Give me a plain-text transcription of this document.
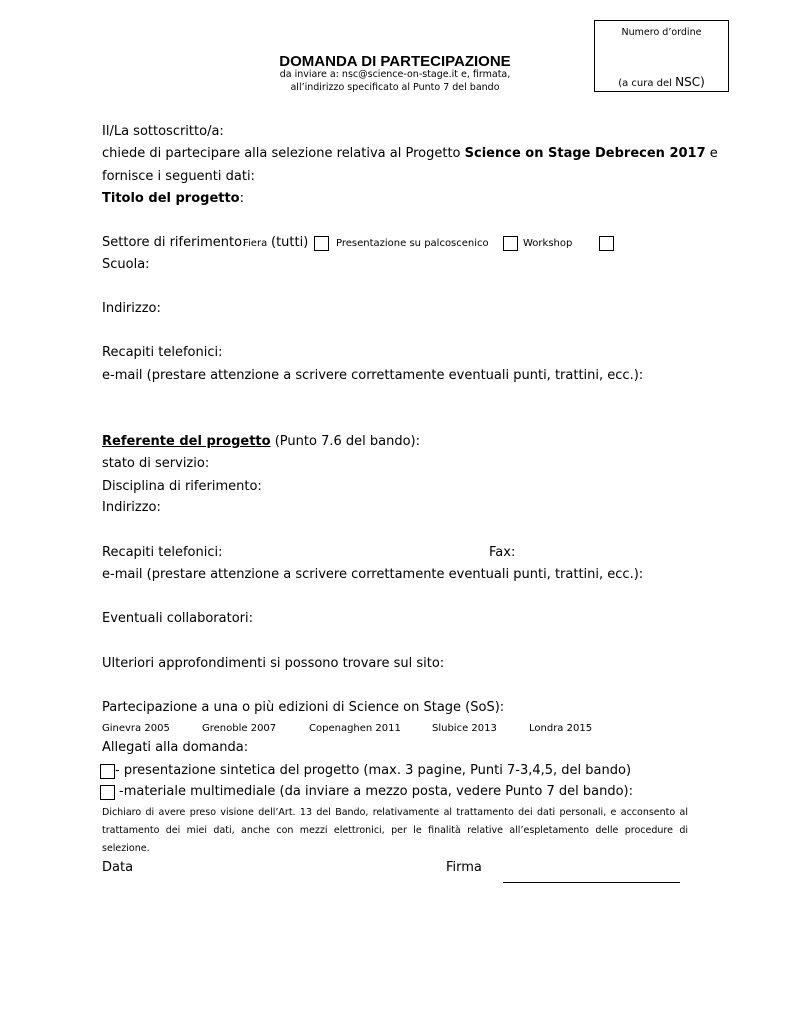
Numero d’ordine
(a cura del NSC)
DOMANDA DI PARTECIPAZIONE
da inviare a: nsc@science-on-stage.it e, firmata,
all’indirizzo specificato al Punto 7 del bando
Il/La sottoscritto/a:
chiede di partecipare alla selezione relativa al Progetto Science on Stage Debrecen 2017 e
fornisce i seguenti dati:
Titolo del progetto:
Settore di riferimento:
Fiera (tutti)	Presentazione su palcoscenico	Workshop
Scuola:
Indirizzo:
Recapiti telefonici:
e-mail (prestare attenzione a scrivere correttamente eventuali punti, trattini, ecc.):
Referente del progetto (Punto 7.6 del bando):
stato di servizio:
Disciplina di riferimento:
Indirizzo:
Recapiti telefonici:	Fax:
e-mail (prestare attenzione a scrivere correttamente eventuali punti, trattini, ecc.):
Eventuali collaboratori:
Ulteriori approfondimenti si possono trovare sul sito:
Partecipazione a una o più edizioni di Science on Stage (SoS):
Ginevra 2005	Grenoble 2007	Copenaghen 2011	Slubice 2013	Londra 2015
Allegati alla domanda:
- presentazione sintetica del progetto (max. 3 pagine, Punti 7-3,4,5, del bando)
-materiale multimediale (da inviare a mezzo posta, vedere Punto 7 del bando):
Dichiaro di avere preso visione dell’Art. 13 del Bando, relativamente al trattamento dei dati personali, e acconsento al trattamento dei miei dati, anche con mezzi elettronici, per le finalità relative all’espletamento delle procedure di selezione.
Data	Firma
